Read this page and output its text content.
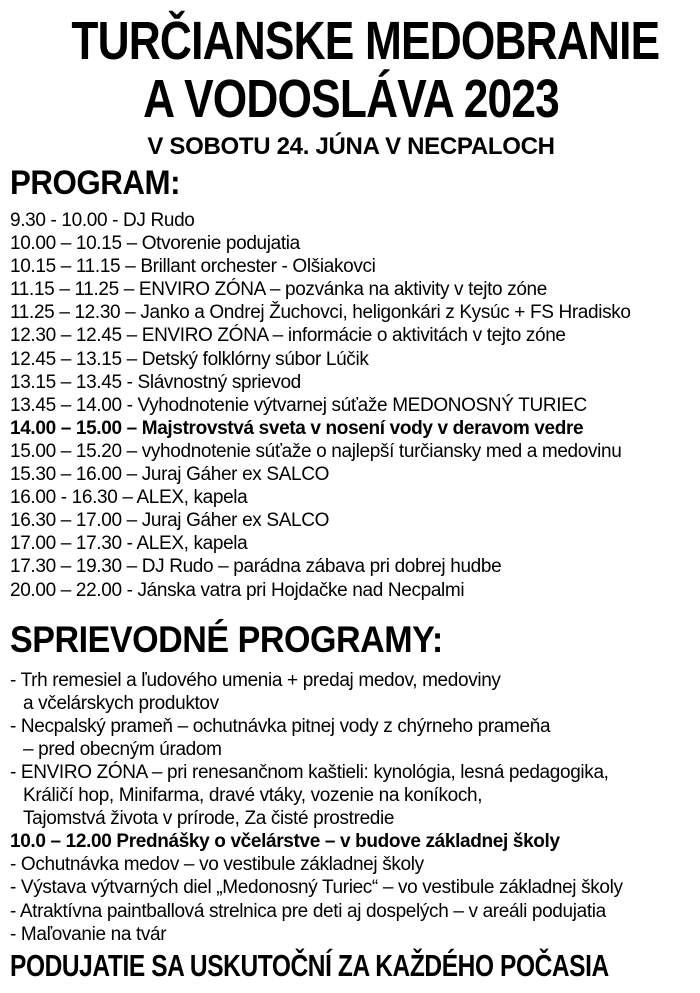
TURČIANSKE MEDOBRANIE
A VODOSLÁVA 2023
V SOBOTU 24. JÚNA V NECPALOCH
PROGRAM:
9.30 - 10.00 - DJ Rudo
10.00 – 10.15 – Otvorenie podujatia
10.15 – 11.15 – Brillant orchester - Olšiakovci
11.15 – 11.25 – ENVIRO ZÓNA – pozvánka na aktivity v tejto zóne
11.25 – 12.30 – Janko a Ondrej Žuchovci, heligonkári z Kysúc + FS Hradisko
12.30 – 12.45 – ENVIRO ZÓNA – informácie o aktivitách v tejto zóne
12.45 – 13.15 – Detský folklórny súbor Lúčik
13.15 – 13.45 - Slávnostný sprievod
13.45 – 14.00 - Vyhodnotenie výtvarnej súťaže MEDONOSNÝ TURIEC
14.00 – 15.00 – Majstrovstvá sveta v nosení vody v deravom vedre
15.00 – 15.20 – vyhodnotenie súťaže o najlepší turčiansky med a medovinu
15.30 – 16.00 – Juraj Gáher ex SALCO
16.00 - 16.30 – ALEX, kapela
16.30 – 17.00 – Juraj Gáher ex SALCO
17.00 – 17.30 - ALEX, kapela
17.30 – 19.30 – DJ Rudo – parádna zábava pri dobrej hudbe
20.00 – 22.00 - Jánska vatra pri Hojdačke nad Necpalmi
SPRIEVODNÉ PROGRAMY:
- Trh remesiel a ľudového umenia + predaj medov, medoviny
a včelárskych produktov
- Necpalský prameň – ochutnávka pitnej vody z chýrneho prameňa
– pred obecným úradom
- ENVIRO ZÓNA – pri renesančnom kaštieli: kynológia, lesná pedagogika,
Králičí hop, Minifarma, dravé vtáky, vozenie na koníkoch,
Tajomstvá života v prírode, Za čisté prostredie
10.0 – 12.00 Prednášky o včelárstve – v budove základnej školy
- Ochutnávka medov – vo vestibule základnej školy
- Výstava výtvarných diel „Medonosný Turiec“ – vo vestibule základnej školy
- Atraktívna paintballová strelnica pre deti aj dospelých – v areáli podujatia
- Maľovanie na tvár
PODUJATIE SA USKUTOČNÍ ZA KAŽDÉHO POČASIA
